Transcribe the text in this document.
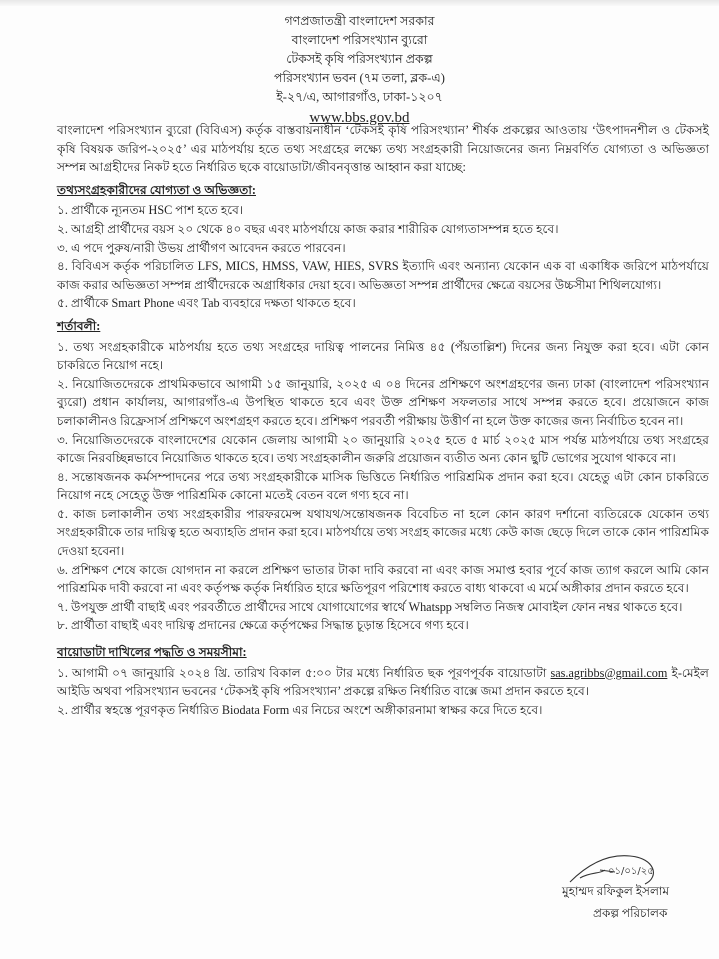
গণপ্রজাতন্ত্রী বাংলাদেশ সরকার
বাংলাদেশ পরিসংখ্যান ব্যুরো
টেকসই কৃষি পরিসংখ্যান প্রকল্প
পরিসংখ্যান ভবন (৭ম তলা, ব্লক-এ)
ই-২৭/এ, আগারগাঁও, ঢাকা-১২০৭
www.bbs.gov.bd

বাংলাদেশ পরিসংখ্যান ব্যুরো (বিবিএস) কর্তৃক বাস্তবায়নাধীন ‘টেকসই কৃষি পরিসংখ্যান’ শীর্ষক প্রকল্পের আওতায় ‘উৎপাদনশীল ও টেকসই কৃষি বিষয়ক জরিপ-২০২৫’ এর মাঠপর্যায় হতে তথ্য সংগ্রহের লক্ষ্যে তথ্য সংগ্রহকারী নিয়োজনের জন্য নিম্নবর্ণিত যোগ্যতা ও অভিজ্ঞতা সম্পন্ন আগ্রহীদের নিকট হতে নির্ধারিত ছকে বায়োডাটা/জীবনবৃত্তান্ত আহ্বান করা যাচ্ছে:

তথ্যসংগ্রহকারীদের যোগ্যতা ও অভিজ্ঞতা:

১. প্রার্থীকে ন্যূনতম HSC পাশ হতে হবে।

২. আগ্রহী প্রার্থীদের বয়স ২০ থেকে ৪০ বছর এবং মাঠপর্যায়ে কাজ করার শারীরিক যোগ্যতাসম্পন্ন হতে হবে।

৩. এ পদে পুরুষ/নারী উভয় প্রার্থীগণ আবেদন করতে পারবেন।

৪. বিবিএস কর্তৃক পরিচালিত LFS, MICS, HMSS, VAW, HIES, SVRS ইত্যাদি এবং অন্যান্য যেকোন এক বা একাধিক জরিপে মাঠপর্যায়ে কাজ করার অভিজ্ঞতা সম্পন্ন প্রার্থীদেরকে অগ্রাধিকার দেয়া হবে। অভিজ্ঞতা সম্পন্ন প্রার্থীদের ক্ষেত্রে বয়সের উচ্চসীমা শিথিলযোগ্য।

৫. প্রার্থীকে Smart Phone এবং Tab ব্যবহারে দক্ষতা থাকতে হবে।

শর্তাবলী:

১. তথ্য সংগ্রহকারীকে মাঠপর্যায় হতে তথ্য সংগ্রহের দায়িত্ব পালনের নিমিত্ত ৪৫ (পঁয়তাল্লিশ) দিনের জন্য নিযুক্ত করা হবে। এটা কোন চাকরিতে নিয়োগ নহে।

২. নিয়োজিতদেরকে প্রাথমিকভাবে আগামী ১৫ জানুয়ারি, ২০২৫ এ ০৪ দিনের প্রশিক্ষণে অংশগ্রহণের জন্য ঢাকা (বাংলাদেশ পরিসংখ্যান ব্যুরো) প্রধান কার্যালয়, আগারগাঁও-এ উপস্থিত থাকতে হবে এবং উক্ত প্রশিক্ষণ সফলতার সাথে সম্পন্ন করতে হবে। প্রয়োজনে কাজ চলাকালীনও রিফ্রেসার্স প্রশিক্ষণে অংশগ্রহণ করতে হবে। প্রশিক্ষণ পরবর্তী পরীক্ষায় উত্তীর্ণ না হলে উক্ত কাজের জন্য নির্বাচিত হবেন না।

৩. নিয়োজিতদেরকে বাংলাদেশের যেকোন জেলায় আগামী ২০ জানুয়ারি ২০২৫ হতে ৫ মার্চ ২০২৫ মাস পর্যন্ত মাঠপর্যায়ে তথ্য সংগ্রহের কাজে নিরবচ্ছিন্নভাবে নিয়োজিত থাকতে হবে। তথ্য সংগ্রহকালীন জরুরি প্রয়োজন ব্যতীত অন্য কোন ছুটি ভোগের সুযোগ থাকবে না।

৪. সন্তোষজনক কর্মসম্পাদনের পরে তথ্য সংগ্রহকারীকে মাসিক ভিত্তিতে নির্ধারিত পারিশ্রমিক প্রদান করা হবে। যেহেতু এটা কোন চাকরিতে নিয়োগ নহে সেহেতু উক্ত পারিশ্রমিক কোনো মতেই বেতন বলে গণ্য হবে না।

৫. কাজ চলাকালীন তথ্য সংগ্রহকারীর পারফরমেন্স যথাযথ/সন্তোষজনক বিবেচিত না হলে কোন কারণ দর্শানো ব্যতিরেকে যেকোন তথ্য সংগ্রহকারীকে তার দায়িত্ব হতে অব্যাহতি প্রদান করা হবে। মাঠপর্যায়ে তথ্য সংগ্রহ কাজের মধ্যে কেউ কাজ ছেড়ে দিলে তাকে কোন পারিশ্রমিক দেওয়া হবেনা।

৬. প্রশিক্ষণ শেষে কাজে যোগদান না করলে প্রশিক্ষণ ভাতার টাকা দাবি করবো না এবং কাজ সমাপ্ত হবার পূর্বে কাজ ত্যাগ করলে আমি কোন পারিশ্রমিক দাবী করবো না এবং কর্তৃপক্ষ কর্তৃক নির্ধারিত হারে ক্ষতিপূরণ পরিশোধ করতে বাধ্য থাকবো এ মর্মে অঙ্গীকার প্রদান করতে হবে।

৭. উপযুক্ত প্রার্থী বাছাই এবং পরবর্তীতে প্রার্থীদের সাথে যোগাযোগের স্বার্থে Whatspp সম্বলিত নিজস্ব মোবাইল ফোন নম্বর থাকতে হবে।

৮. প্রার্থীতা বাছাই এবং দায়িত্ব প্রদানের ক্ষেত্রে কর্তৃপক্ষের সিদ্ধান্ত চূড়ান্ত হিসেবে গণ্য হবে।

বায়োডাটা দাখিলের পদ্ধতি ও সময়সীমা:

১. আগামী ০৭ জানুয়ারি ২০২৪ খ্রি. তারিখ বিকাল ৫:০০ টার মধ্যে নির্ধারিত ছক পূরণপূর্বক বায়োডাটা sas.agribbs@gmail.com ই-মেইল আইডি অথবা পরিসংখ্যান ভবনের ‘টেকসই কৃষি পরিসংখ্যান’ প্রকল্পে রক্ষিত নির্ধারিত বাক্সে জমা প্রদান করতে হবে।

২. প্রার্থীর স্বহস্তে পূরণকৃত নির্ধারিত Biodata Form এর নিচের অংশে অঙ্গীকারনামা স্বাক্ষর করে দিতে হবে।

০১/০১/২৫
মুহাম্মদ রফিকুল ইসলাম
প্রকল্প পরিচালক
